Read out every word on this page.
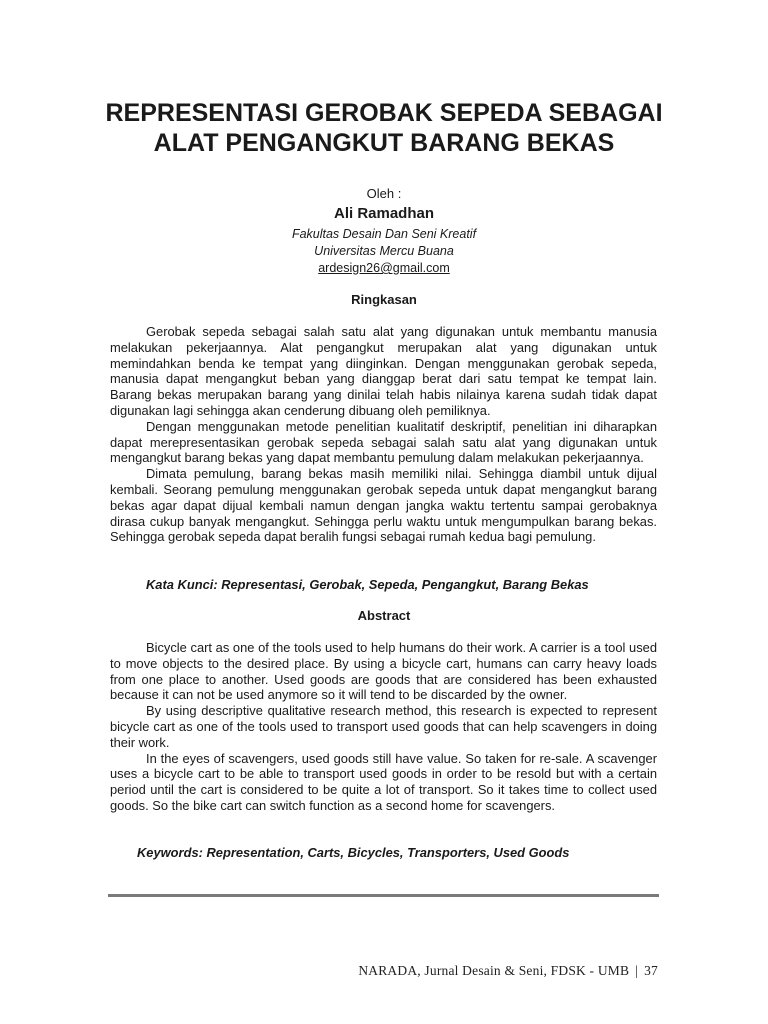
REPRESENTASI GEROBAK SEPEDA SEBAGAI ALAT PENGANGKUT BARANG BEKAS

Oleh :

Ali Ramadhan

Fakultas Desain Dan Seni Kreatif

Universitas Mercu Buana

ardesign26@gmail.com

Ringkasan

Gerobak sepeda sebagai salah satu alat yang digunakan untuk membantu manusia melakukan pekerjaannya. Alat pengangkut merupakan alat yang digunakan untuk memindahkan benda ke tempat yang diinginkan. Dengan menggunakan gerobak sepeda, manusia dapat mengangkut beban yang dianggap berat dari satu tempat ke tempat lain. Barang bekas merupakan barang yang dinilai telah habis nilainya karena sudah tidak dapat digunakan lagi sehingga akan cenderung dibuang oleh pemiliknya.

Dengan menggunakan metode penelitian kualitatif deskriptif, penelitian ini diharapkan dapat merepresentasikan gerobak sepeda sebagai salah satu alat yang digunakan untuk mengangkut barang bekas yang dapat membantu pemulung dalam melakukan pekerjaannya.

Dimata pemulung, barang bekas masih memiliki nilai. Sehingga diambil untuk dijual kembali. Seorang pemulung menggunakan gerobak sepeda untuk dapat mengangkut barang bekas agar dapat dijual kembali namun dengan jangka waktu tertentu sampai gerobaknya dirasa cukup banyak mengangkut. Sehingga perlu waktu untuk mengumpulkan barang bekas. Sehingga gerobak sepeda dapat beralih fungsi sebagai rumah kedua bagi pemulung.

Kata Kunci: Representasi, Gerobak, Sepeda, Pengangkut, Barang Bekas

Abstract

Bicycle cart as one of the tools used to help humans do their work. A carrier is a tool used to move objects to the desired place. By using a bicycle cart, humans can carry heavy loads from one place to another. Used goods are goods that are considered has been exhausted because it can not be used anymore so it will tend to be discarded by the owner.

By using descriptive qualitative research method, this research is expected to represent bicycle cart as one of the tools used to transport used goods that can help scavengers in doing their work.

In the eyes of scavengers, used goods still have value. So taken for re-sale. A scavenger uses a bicycle cart to be able to transport used goods in order to be resold but with a certain period until the cart is considered to be quite a lot of transport. So it takes time to collect used goods. So the bike cart can switch function as a second home for scavengers.

Keywords: Representation, Carts, Bicycles, Transporters, Used Goods

NARADA, Jurnal Desain & Seni, FDSK - UMB | 37
